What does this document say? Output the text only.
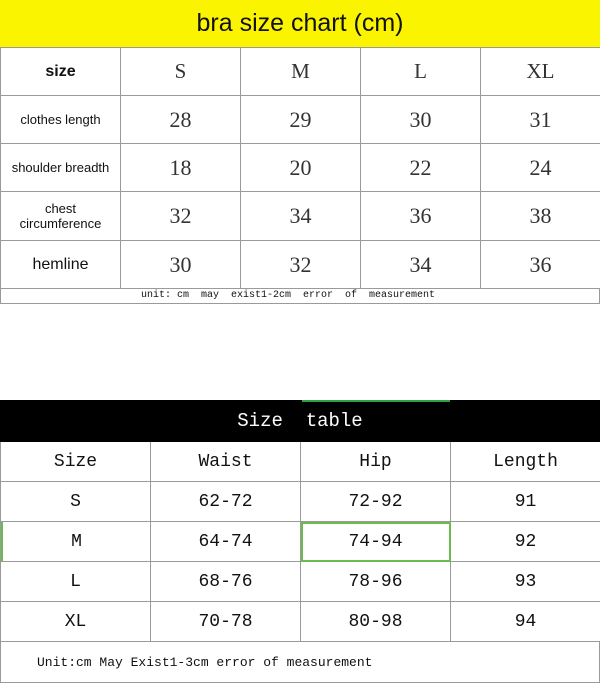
bra size chart (cm)
size	S	M	L	XL
clothes length	28	29	30	31
shoulder breadth	18	20	22	24
chest circumference	32	34	36	38
hemline	30	32	34	36
unit: cm  may  exist1-2cm  error  of  measurement
Size  table
Size	Waist	Hip	Length
S	62-72	72-92	91
M	64-74	74-94	92
L	68-76	78-96	93
XL	70-78	80-98	94
Unit:cm May Exist1-3cm error of measurement
